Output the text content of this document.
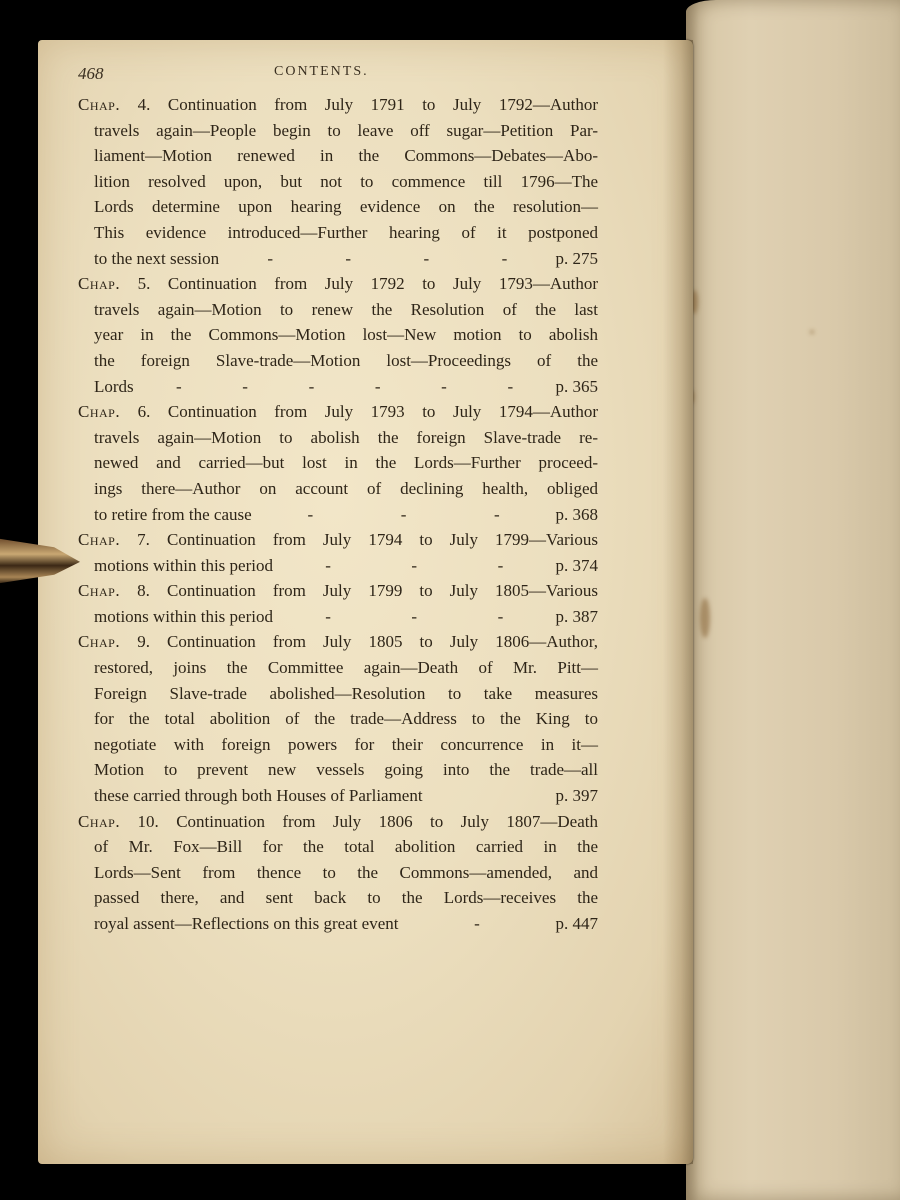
468	CONTENTS.
Chap. 4. Continuation from July 1791 to July 1792—Author
travels again—People begin to leave off sugar—Petition Par-
liament—Motion renewed in the Commons—Debates—Abo-
lition resolved upon, but not to commence till 1796—The
Lords determine upon hearing evidence on the resolution—
This evidence introduced—Further hearing of it postponed
to the next session	-	-	-	-	p. 275
Chap. 5. Continuation from July 1792 to July 1793—Author
travels again—Motion to renew the Resolution of the last
year in the Commons—Motion lost—New motion to abolish
the foreign Slave-trade—Motion lost—Proceedings of the
Lords -	-	-	-	-	- p. 365
Chap. 6. Continuation from July 1793 to July 1794—Author
travels again—Motion to abolish the foreign Slave-trade re-
newed and carried—but lost in the Lords—Further proceed-
ings there—Author on account of declining health, obliged
to retire from the cause	-	-	-	p. 368
Chap. 7. Continuation from July 1794 to July 1799—Various
motions within this period	-	-	-	p. 374
Chap. 8. Continuation from July 1799 to July 1805—Various
motions within this period	-	-	-	p. 387
Chap. 9. Continuation from July 1805 to July 1806—Author,
restored, joins the Committee again—Death of Mr. Pitt—
Foreign Slave-trade abolished—Resolution to take measures
for the total abolition of the trade—Address to the King to
negotiate with foreign powers for their concurrence in it—
Motion to prevent new vessels going into the trade—all
these carried through both Houses of Parliament	p. 397
Chap. 10. Continuation from July 1806 to July 1807—Death
of Mr. Fox—Bill for the total abolition carried in the
Lords—Sent from thence to the Commons—amended, and
passed there, and sent back to the Lords—receives the
royal assent—Reflections on this great event	-	p. 447
